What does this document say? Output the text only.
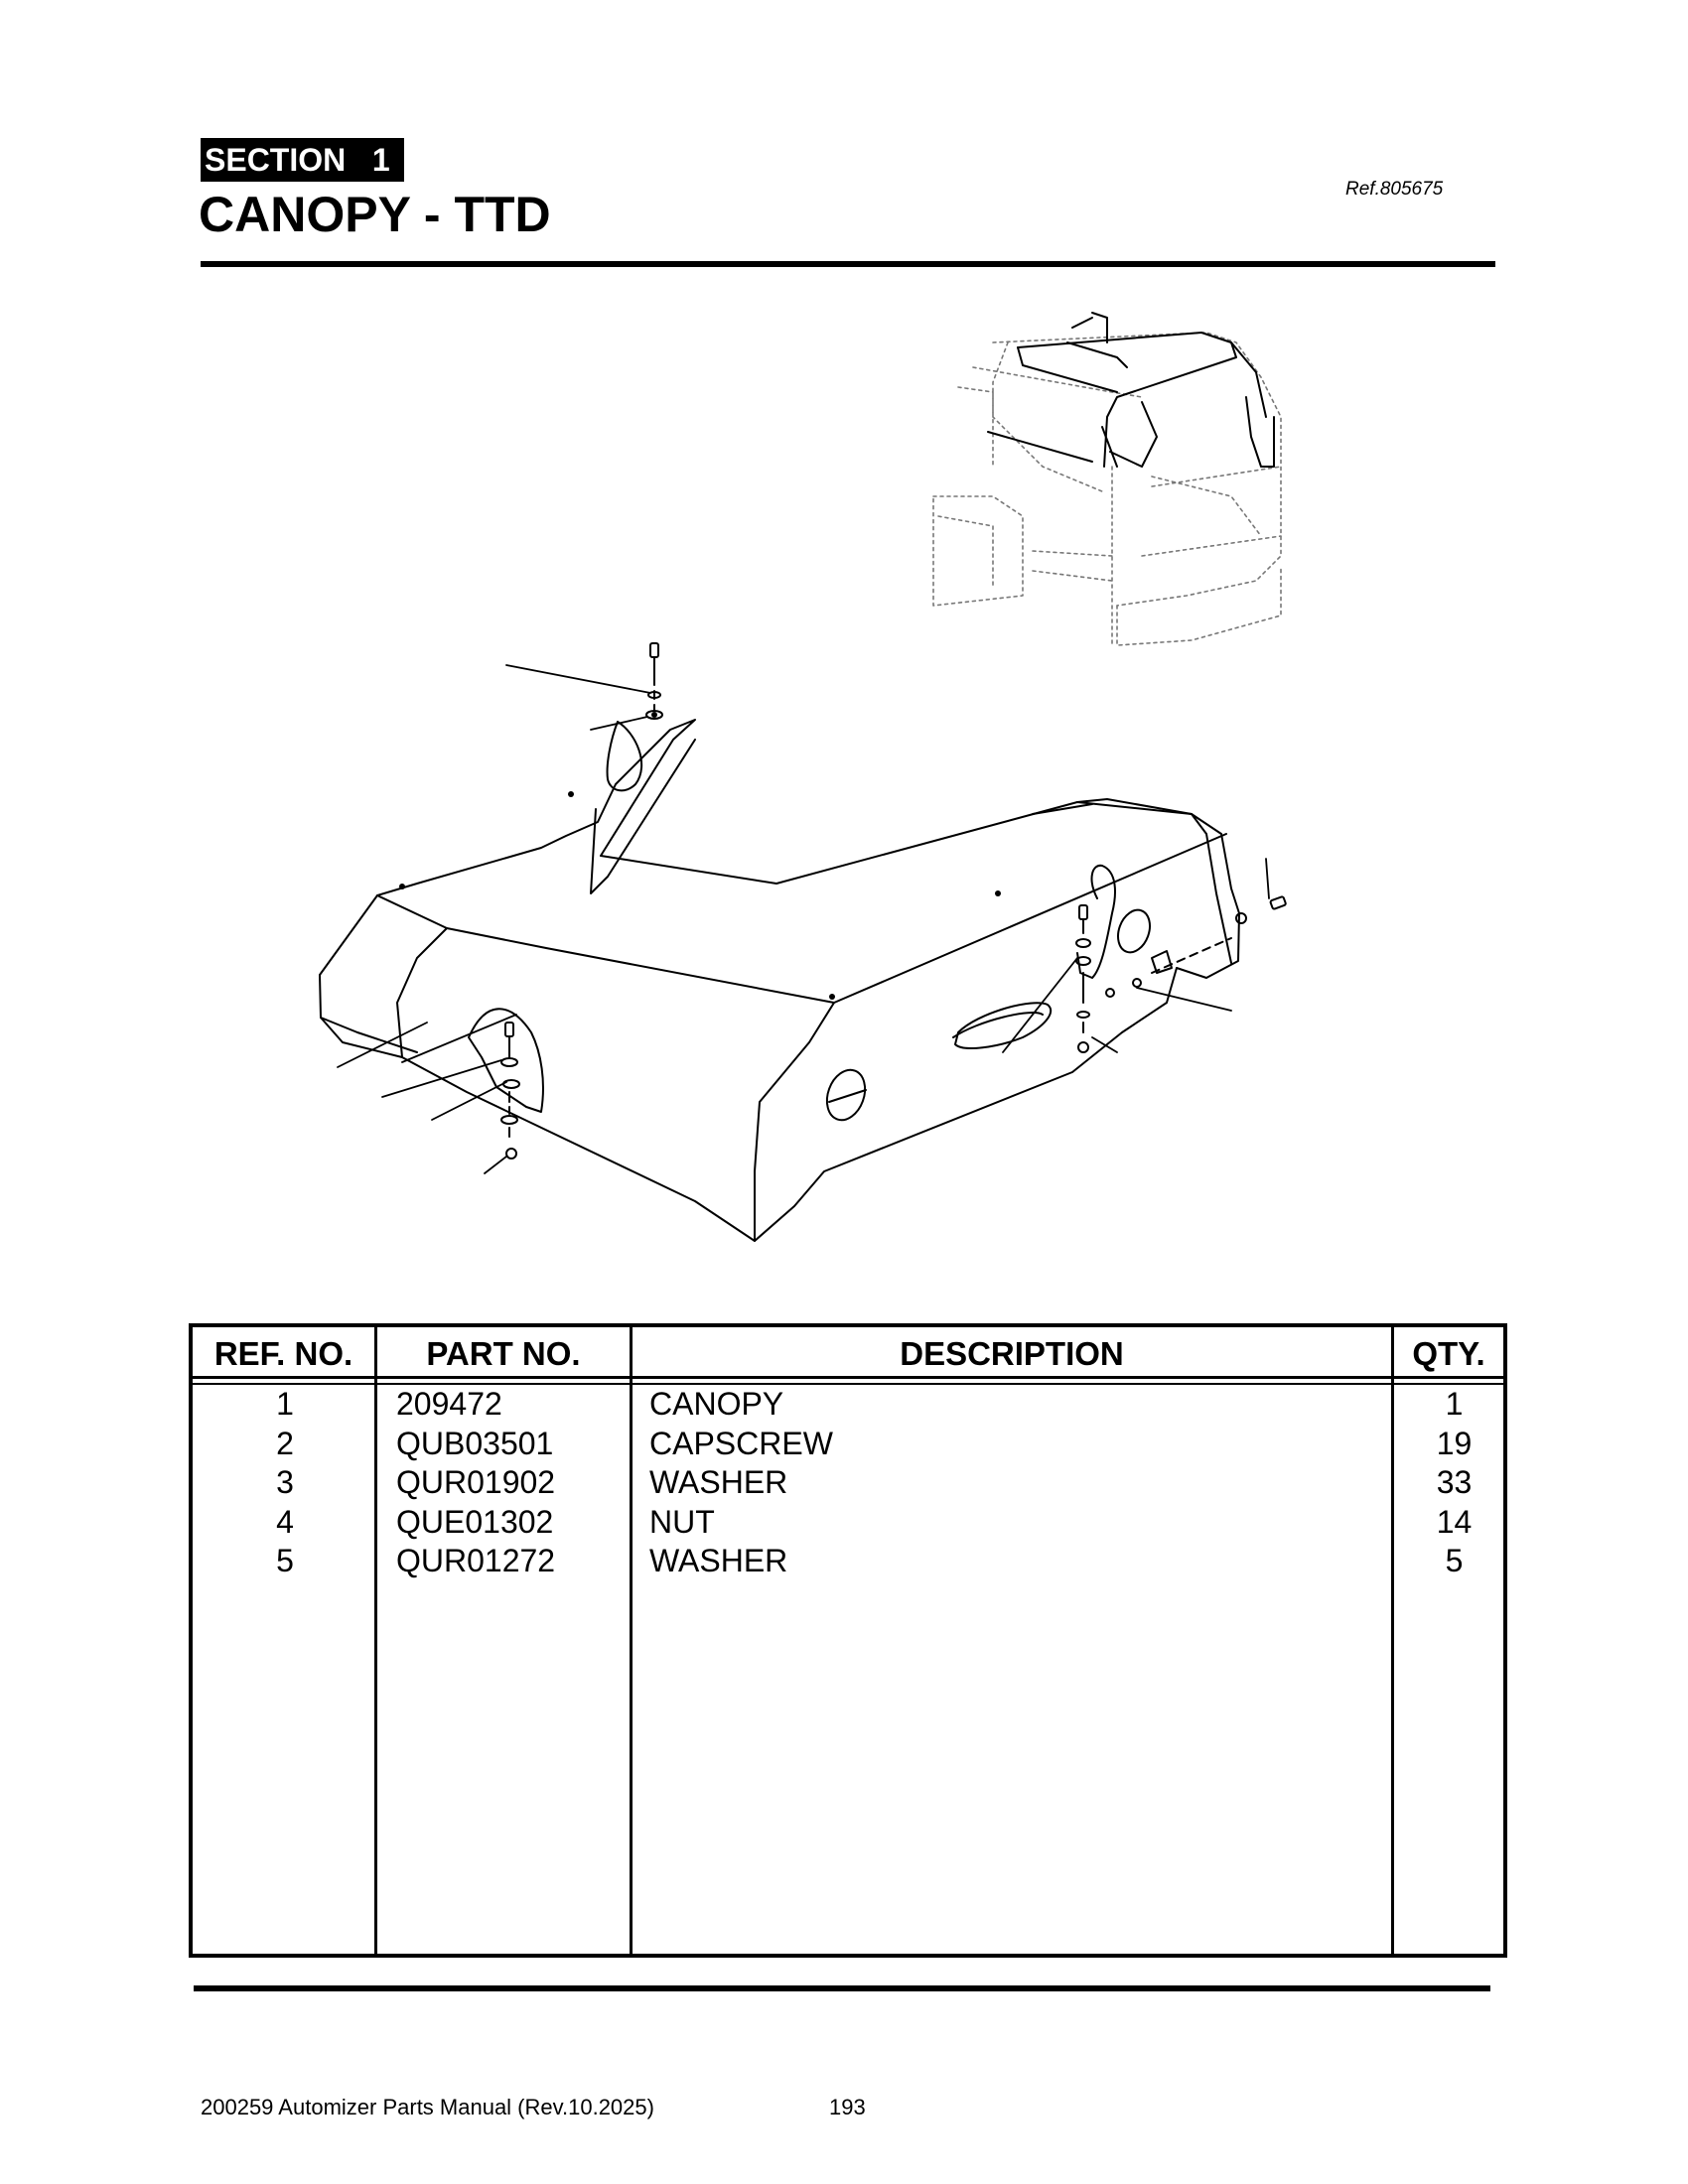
SECTION   1
CANOPY - TTD	Ref.805675
REF. NO.	PART NO.	DESCRIPTION	QTY.
1	209472	CANOPY	1
2	QUB03501	CAPSCREW	19
3	QUR01902	WASHER	33
4	QUE01302	NUT	14
5	QUR01272	WASHER	5
200259 Automizer Parts Manual (Rev.10.2025)	193
